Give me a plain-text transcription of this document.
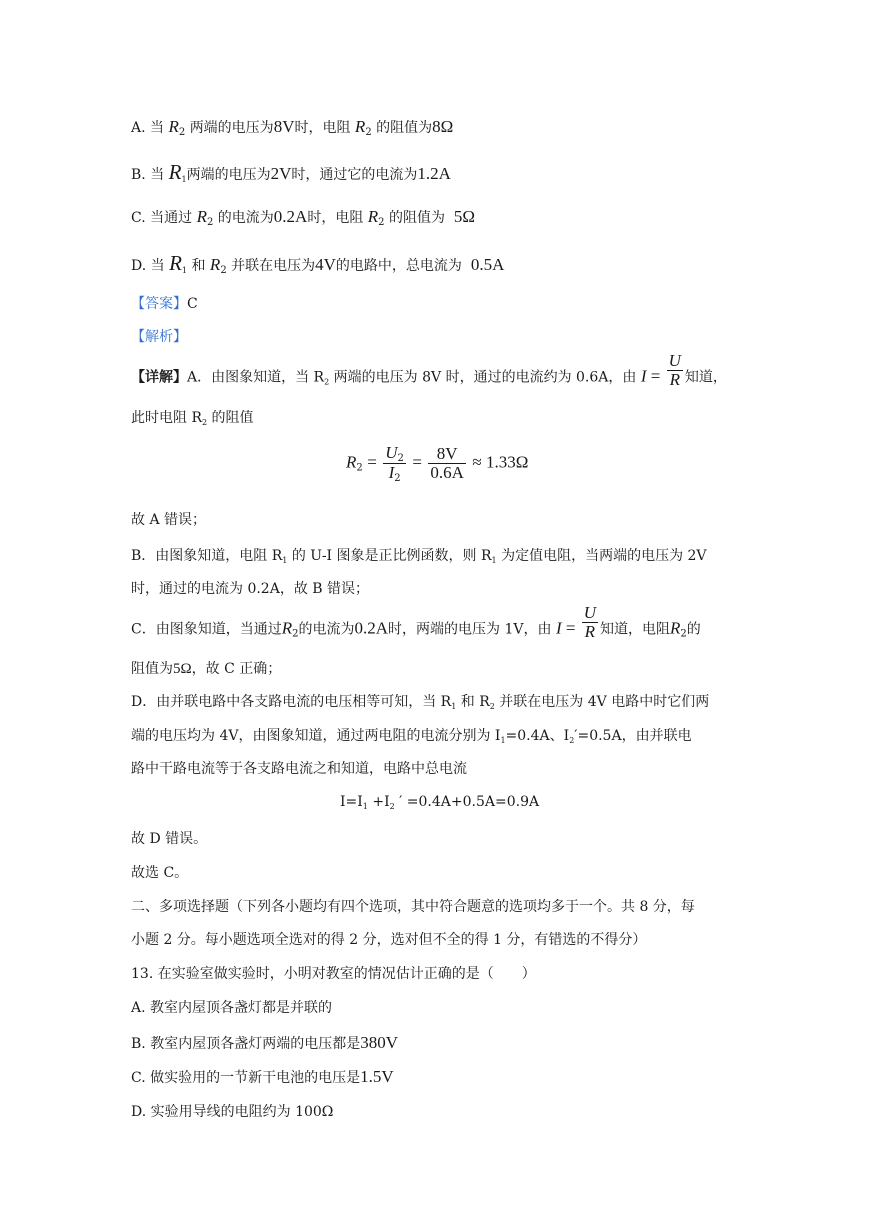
A. 当 $R_2$ 两端的电压为8V时，电阻 $R_2$ 的阻值为8Ω
B. 当 $R_1$两端的电压为2V时，通过它的电流为1.2A
C. 当通过 $R_2$ 的电流为0.2A时，电阻 $R_2$ 的阻值为 5Ω
D. 当 $R_1$ 和 $R_2$ 并联在电压为4V的电路中，总电流为 0.5A
【答案】C
【解析】
【详解】A．由图象知道，当 $R_2$ 两端的电压为 8V 时，通过的电流约为 0.6A，由 $I = \frac{U}{R}$ 知道，
此时电阻 $R_2$ 的阻值
$R_2 = \frac{U_2}{I_2} = \frac{8V}{0.6A} \approx 1.33\Omega$
故 A 错误；
B．由图象知道，电阻 $R_1$ 的 U-I 图象是正比例函数，则 $R_1$ 为定值电阻，当两端的电压为 2V
时，通过的电流为 0.2A，故 B 错误；
C．由图象知道，当通过$R_2$的电流为0.2A时，两端的电压为 1V，由 $I = \frac{U}{R}$ 知道，电阻$R_2$的
阻值为5Ω，故 C 正确；
D．由并联电路中各支路电流的电压相等可知，当 $R_1$ 和 $R_2$ 并联在电压为 4V 电路中时它们两
端的电压均为 4V，由图象知道，通过两电阻的电流分别为 $I_1=0.4A$、$I_2'=0.5A$，由并联电
路中干路电流等于各支路电流之和知道，电路中总电流
$I=I_1 +I_2$ ′ =0.4A+0.5A=0.9A
故 D 错误。
故选 C。
二、多项选择题（下列各小题均有四个选项，其中符合题意的选项均多于一个。共 8 分，每
小题 2 分。每小题选项全选对的得 2 分，选对但不全的得 1 分，有错选的不得分）
13. 在实验室做实验时，小明对教室的情况估计正确的是（　　）
A. 教室内屋顶各盏灯都是并联的
B. 教室内屋顶各盏灯两端的电压都是380V
C. 做实验用的一节新干电池的电压是1.5V
D. 实验用导线的电阻约为 100Ω
